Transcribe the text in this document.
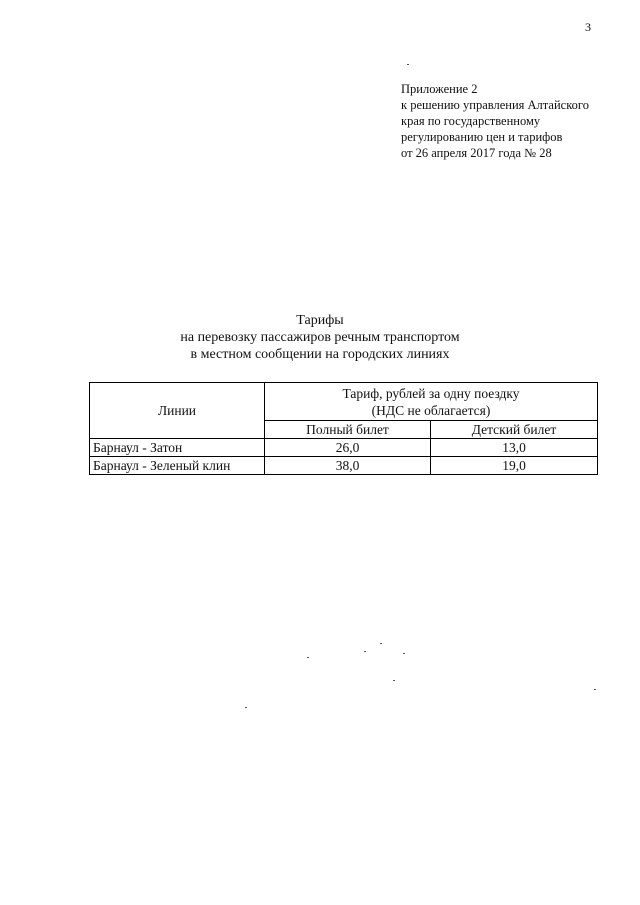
3
Приложение 2
к решению управления Алтайского
края по государственному
регулированию цен и тарифов
от 26 апреля 2017 года № 28
Тарифы
на перевозку пассажиров речным транспортом
в местном сообщении на городских линиях
Линии	Тариф, рублей за одну поездку
(НДС не облагается)	

	Полный билет	Детский билет
Барнаул - Затон	26,0	13,0
Барнаул - Зеленый клин	38,0	19,0
